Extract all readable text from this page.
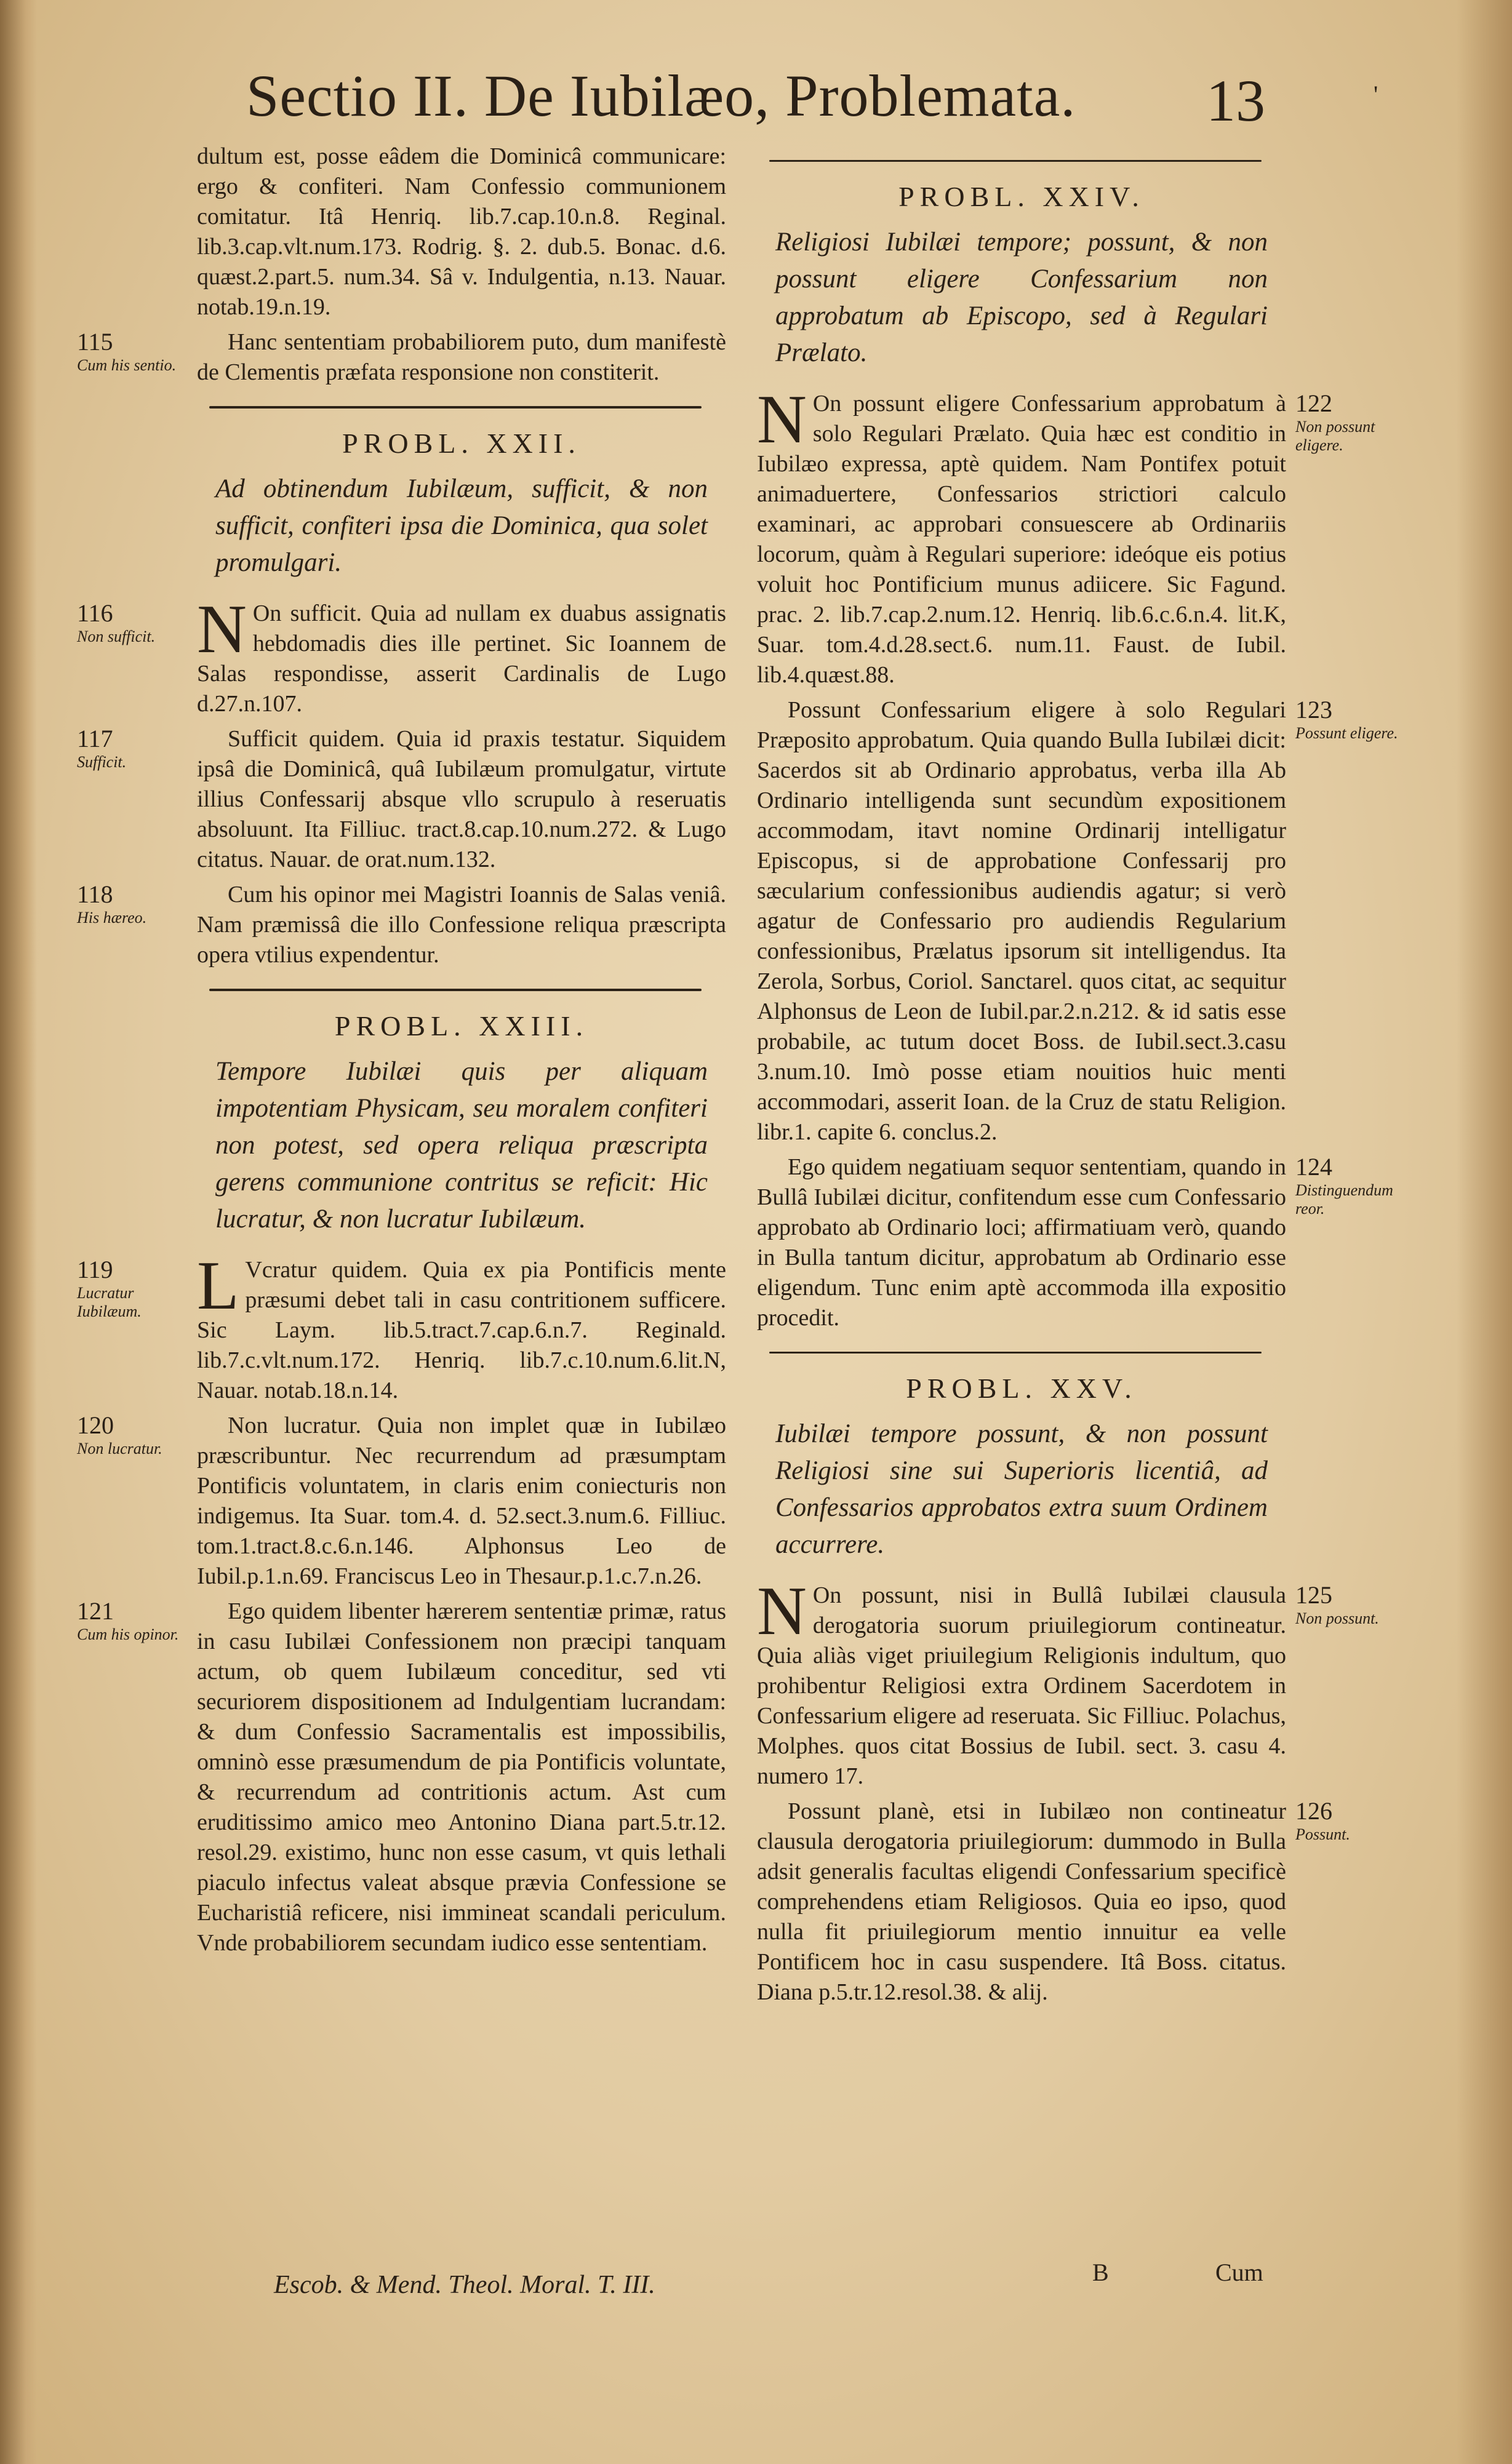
Sectio II. De Iubilæo, Problemata. 13	'

dultum est, posse eâdem die Dominicâ communicare: ergo & confiteri. Nam Confessio communionem comitatur. Itâ Henriq. lib.7.cap.10.n.8. Reginal. lib.3.cap.vlt.num.173. Rodrig. §. 2. dub.5. Bonac. d.6. quæst.2.part.5. num.34. Sâ v. Indulgentia, n.13. Nauar. notab.19.n.19.

115
Cum his sentio.

Hanc sententiam probabiliorem puto, dum manifestè de Clementis præfata responsione non constiterit.

PROBL. XXII.

Ad obtinendum Iubilæum, sufficit, & non sufficit, confiteri ipsa die Dominica, qua solet promulgari.

116
Non sufficit. N On sufficit. Quia ad nullam ex duabus assignatis hebdomadis dies ille pertinet. Sic Ioannem de Salas respondisse, asserit Cardinalis de Lugo d.27.n.107.

117
Sufficit.

Sufficit quidem. Quia id praxis testatur. Siquidem ipsâ die Dominicâ, quâ Iubilæum promulgatur, virtute illius Confessarij absque vllo scrupulo à reseruatis absoluunt. Ita Filliuc. tract.8.cap.10.num.272. & Lugo citatus. Nauar. de orat.num.132.

118
His hæreo.

Cum his opinor mei Magistri Ioannis de Salas veniâ. Nam præmissâ die illo Confessione reliqua præscripta opera vtilius expendentur.

PROBL. XXIII.

Tempore Iubilæi quis per aliquam impotentiam Physicam, seu moralem confiteri non potest, sed opera reliqua præscripta gerens communione contritus se reficit: Hic lucratur, & non lucratur Iubilæum.

119
Lucratur Iubilæum. L Vcratur quidem. Quia ex pia Pontificis mente præsumi debet tali in casu contritionem sufficere. Sic Laym. lib.5.tract.7.cap.6.n.7. Reginald. lib.7.c.vlt.num.172. Henriq. lib.7.c.10.num.6.lit.N, Nauar. notab.18.n.14.

120
Non lucratur.

Non lucratur. Quia non implet quæ in Iubilæo præscribuntur. Nec recurrendum ad præsumptam Pontificis voluntatem, in claris enim coniecturis non indigemus. Ita Suar. tom.4. d. 52.sect.3.num.6. Filliuc. tom.1.tract.8.c.6.n.146. Alphonsus Leo de Iubil.p.1.n.69. Franciscus Leo in Thesaur.p.1.c.7.n.26.

121
Cum his opinor.

Ego quidem libenter hærerem sententiæ primæ, ratus in casu Iubilæi Confessionem non præcipi tanquam actum, ob quem Iubilæum conceditur, sed vti securiorem dispositionem ad Indulgentiam lucrandam: & dum Confessio Sacramentalis est impossibilis, omninò esse præsumendum de pia Pontificis voluntate, & recurrendum ad contritionis actum. Ast cum eruditissimo amico meo Antonino Diana part.5.tr.12. resol.29. existimo, hunc non esse casum, vt quis lethali piaculo infectus valeat absque prævia Confessione se Eucharistiâ reficere, nisi immineat scandali periculum. Vnde probabiliorem secundam iudico esse sententiam.

PROBL. XXIV.

Religiosi Iubilæi tempore; possunt, & non possunt eligere Confessarium non approbatum ab Episcopo, sed à Regulari Prælato.

122
Non possunt eligere.
N On possunt eligere Confessarium approbatum à solo Regulari Prælato. Quia hæc est conditio in Iubilæo expressa, aptè quidem. Nam Pontifex potuit animaduertere, Confessarios strictiori calculo examinari, ac approbari consuescere ab Ordinariis locorum, quàm à Regulari superiore: ideóque eis potius voluit hoc Pontificium munus adiicere. Sic Fagund. prac. 2. lib.7.cap.2.num.12. Henriq. lib.6.c.6.n.4. lit.K, Suar. tom.4.d.28.sect.6. num.11. Faust. de Iubil. lib.4.quæst.88.

123
Possunt eligere.

Possunt Confessarium eligere à solo Regulari Præposito approbatum. Quia quando Bulla Iubilæi dicit: Sacerdos sit ab Ordinario approbatus, verba illa Ab Ordinario intelligenda sunt secundùm expositionem accommodam, itavt nomine Ordinarij intelligatur Episcopus, si de approbatione Confessarij pro sæcularium confessionibus audiendis agatur; si verò agatur de Confessario pro audiendis Regularium confessionibus, Prælatus ipsorum sit intelligendus. Ita Zerola, Sorbus, Coriol. Sanctarel. quos citat, ac sequitur Alphonsus de Leon de Iubil.par.2.n.212. & id satis esse probabile, ac tutum docet Boss. de Iubil.sect.3.casu 3.num.10. Imò posse etiam nouitios huic menti accommodari, asserit Ioan. de la Cruz de statu Religion. libr.1. capite 6. conclus.2.

124
Distinguendum reor.

Ego quidem negatiuam sequor sententiam, quando in Bullâ Iubilæi dicitur, confitendum esse cum Confessario approbato ab Ordinario loci; affirmatiuam verò, quando in Bulla tantum dicitur, approbatum ab Ordinario esse eligendum. Tunc enim aptè accommoda illa expositio procedit.

PROBL. XXV.

Iubilæi tempore possunt, & non possunt Religiosi sine sui Superioris licentiâ, ad Confessarios approbatos extra suum Ordinem accurrere.

125
Non possunt.
N On possunt, nisi in Bullâ Iubilæi clausula derogatoria suorum priuilegiorum contineatur. Quia aliàs viget priuilegium Religionis indultum, quo prohibentur Religiosi extra Ordinem Sacerdotem in Confessarium eligere ad reseruata. Sic Filliuc. Polachus, Molphes. quos citat Bossius de Iubil. sect. 3. casu 4. numero 17.

126
Possunt.

Possunt planè, etsi in Iubilæo non contineatur clausula derogatoria priuilegiorum: dummodo in Bulla adsit generalis facultas eligendi Confessarium specificè comprehendens etiam Religiosos. Quia eo ipso, quod nulla fit priuilegiorum mentio innuitur ea velle Pontificem hoc in casu suspendere. Itâ Boss. citatus. Diana p.5.tr.12.resol.38. & alij.

Escob. & Mend. Theol. Moral. T. III.	B	Cum
